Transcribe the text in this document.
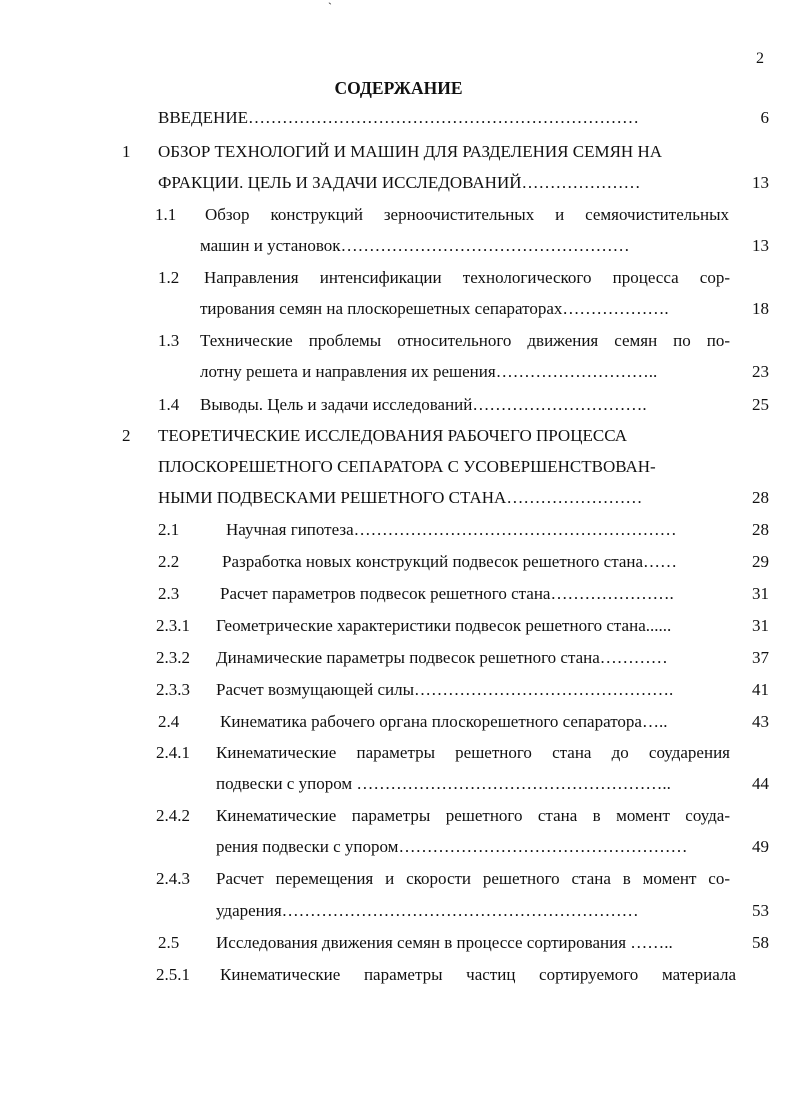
`
2
СОДЕРЖАНИЕ
ВВЕДЕНИЕ……………………………………………………………	6
1 ОБЗОР ТЕХНОЛОГИЙ И МАШИН ДЛЯ РАЗДЕЛЕНИЯ СЕМЯН НА
ФРАКЦИИ. ЦЕЛЬ И ЗАДАЧИ ИССЛЕДОВАНИЙ…………………	13
1.1 Обзор конструкций зерноочистительных и семяочистительных
машин и установок……………………………………………	13
1.2 Направления интенсификации технологического процесса сор-
тирования семян на плоскорешетных сепараторах……………….	18
1.3 Технические проблемы относительного движения семян по по-
лотну решета и направления их решения………………………..	23
1.4 Выводы. Цель и задачи исследований………………………….	25
2 ТЕОРЕТИЧЕСКИЕ ИССЛЕДОВАНИЯ РАБОЧЕГО ПРОЦЕССА
ПЛОСКОРЕШЕТНОГО СЕПАРАТОРА С УСОВЕРШЕНСТВОВАН-
НЫМИ ПОДВЕСКАМИ РЕШЕТНОГО СТАНА……………………	28
2.1	Научная гипотеза…………………………………………………	28
2.2	Разработка новых конструкций подвесок решетного стана……	29
2.3 Расчет параметров подвесок решетного стана………………….	31
2.3.1 Геометрические характеристики подвесок решетного стана......	31
2.3.2 Динамические параметры подвесок решетного стана…………	37
2.3.3 Расчет возмущающей силы……………………………………….	41
2.4 Кинематика рабочего органа плоскорешетного сепаратора…..	43
2.4.1 Кинематические параметры решетного стана до соударения
подвески с упором ………………………………………………..	44
2.4.2 Кинематические параметры решетного стана в момент соуда-
рения подвески с упором……………………………………………	49
2.4.3 Расчет перемещения и скорости решетного стана в момент со-
ударения………………………………………………………	53
2.5 Исследования движения семян в процессе сортирования ……..	58
2.5.1 Кинематические параметры частиц сортируемого материала
